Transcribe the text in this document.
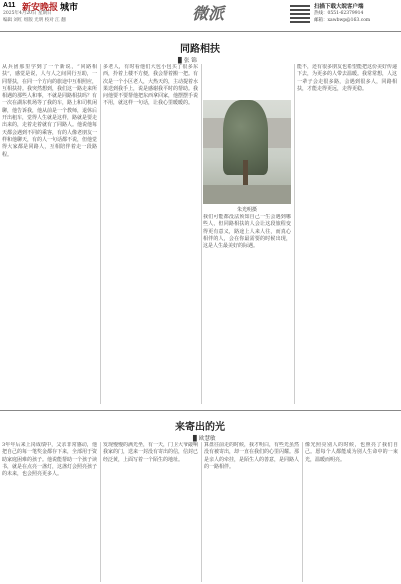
A11 新安晚报 城市
2025年4月20日 星期日
编辑 刘红 组版 光明 校对 江 翻	微派	扫描下载大皖客户端
热线：0551-62379914
邮箱：xawbwp@163.com
同路相扶
▉ 张 锦
从兵团那里学到了一个新说，“同路相扶”，感觉是说，人与人之间同行互助，一同帮扶，在同一个方向的旅途中互相照应，互相扶持。我突然想到，我们这一路走来所相遇的那些人和事，不就是同路相扶吗？有一次在湖东机场等了我的车，路上和司机闲聊，他告诉我，他从前是一个教师，退休后开出租车，觉得人生就是这样，路就是要走出来的，走着走着就有了同路人。他说他每天都会遇到不同的乘客，有的人像老朋友一样和他聊天，有的人一句话都不说，但他觉得大家都是同路人，互相陪伴着走一段路程。
多老人，有时看他们大包小包买了很多东西，拎着上楼不方便，我会帮着搬一把。有次是一个小区老人，大热天的，主动提着水果送到我手上，说是感谢我平时的帮助。我问他要不要帮他把东西拿回家，他摆摆手说不用，就这样一句话，让我心里暖暖的。
朱光明摄
我们可能都没法预知自己一生会遇到哪些人，但同路相扶的人会让这段旅程变得更有意义，路途上人来人往，而真心相伴的人，会在你最需要的时候出现，这是人生最美好的际遇。
能不，还有很多朋友也希望能把这份美好传递下去，为更多的人带去温暖。我常常想，人这一辈子会走很多路，会遇到很多人，同路相扶，才能走得更远，走得更稳。
来寄出的光
▉ 欧慧敏
3年年后来上岗成绩中，父亲非常感动，他把自己的每一笔奖金都存下来，全部用于资助家庭困难的孩子。他说能帮助一个孩子读书，就是在点亮一盏灯，这盏灯会照亮孩子的未来，也会照亮更多人。
发现慢慢的满光坐，有一天，门卫大爷敲响我家的门，送来一封没有寄出的信，信封已经泛黄，上面写着一个陌生的地址。
算盘往前走的时候，我才明白，有些光虽然没有被寄出，却一直在我们的心里闪耀。那是亲人的牵挂，是陌生人的善意，是同路人的一路相伴。
像光照亮别人的时候，也照亮了我们自己。愿每个人都能成为别人生命中的一束光，温暖而明亮。
